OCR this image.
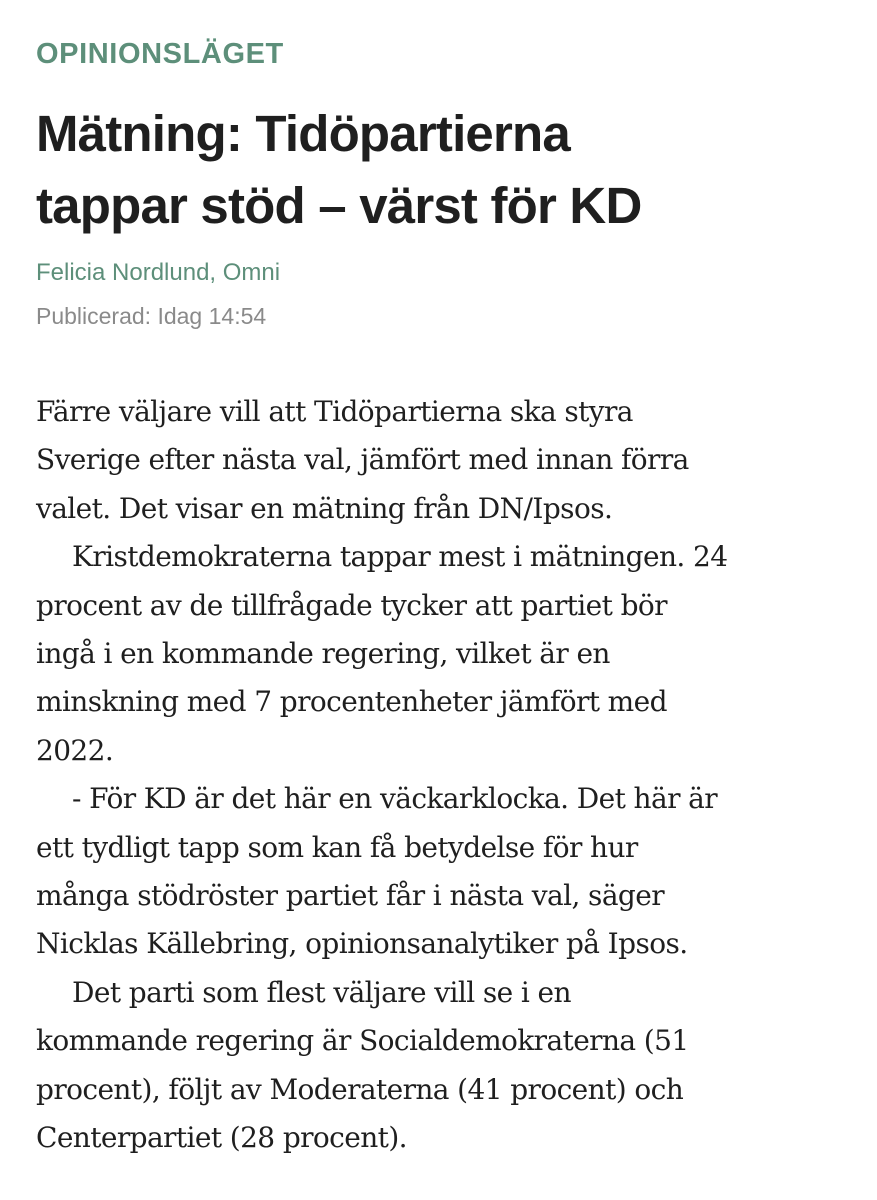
OPINIONSLÄGET
Mätning: Tidöpartierna
tappar stöd – värst för KD
Felicia Nordlund, Omni
Publicerad: Idag 14:54

Färre väljare vill att Tidöpartierna ska styra
Sverige efter nästa val, jämfört med innan förra
valet. Det visar en mätning från DN/Ipsos.

Kristdemokraterna tappar mest i mätningen. 24
procent av de tillfrågade tycker att partiet bör
ingå i en kommande regering, vilket är en
minskning med 7 procentenheter jämfört med
2022.

- För KD är det här en väckarklocka. Det här är
ett tydligt tapp som kan få betydelse för hur
många stödröster partiet får i nästa val, säger
Nicklas Källebring, opinionsanalytiker på Ipsos.

Det parti som flest väljare vill se i en
kommande regering är Socialdemokraterna (51
procent), följt av Moderaterna (41 procent) och
Centerpartiet (28 procent).
